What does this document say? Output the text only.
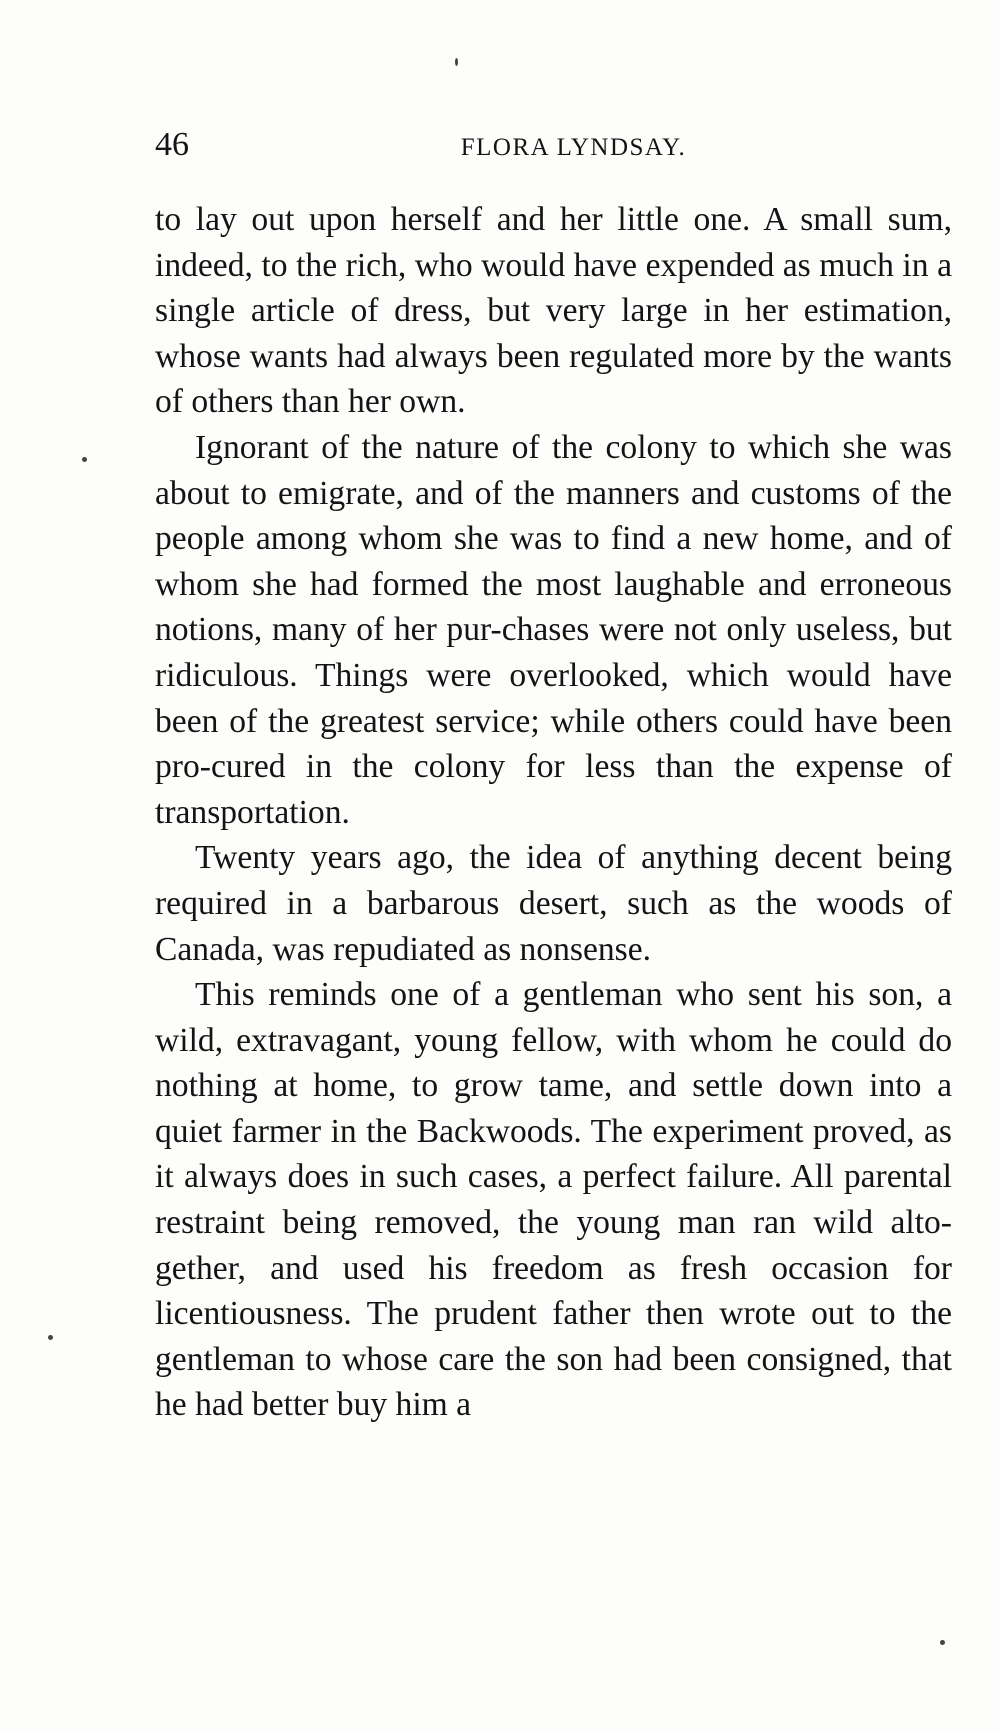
46	FLORA LYNDSAY.

to lay out upon herself and her little one. A small sum, indeed, to the rich, who would have expended as much in a single article of dress, but very large in her estimation, whose wants had always been regulated more by the wants of others than her own.

Ignorant of the nature of the colony to which she was about to emigrate, and of the manners and customs of the people among whom she was to find a new home, and of whom she had formed the most laughable and erroneous notions, many of her pur-chases were not only useless, but ridiculous. Things were overlooked, which would have been of the greatest service; while others could have been pro-cured in the colony for less than the expense of transportation.

Twenty years ago, the idea of anything decent being required in a barbarous desert, such as the woods of Canada, was repudiated as nonsense.

This reminds one of a gentleman who sent his son, a wild, extravagant, young fellow, with whom he could do nothing at home, to grow tame, and settle down into a quiet farmer in the Backwoods. The experiment proved, as it always does in such cases, a perfect failure. All parental restraint being removed, the young man ran wild alto-gether, and used his freedom as fresh occasion for licentiousness. The prudent father then wrote out to the gentleman to whose care the son had been consigned, that he had better buy him a
